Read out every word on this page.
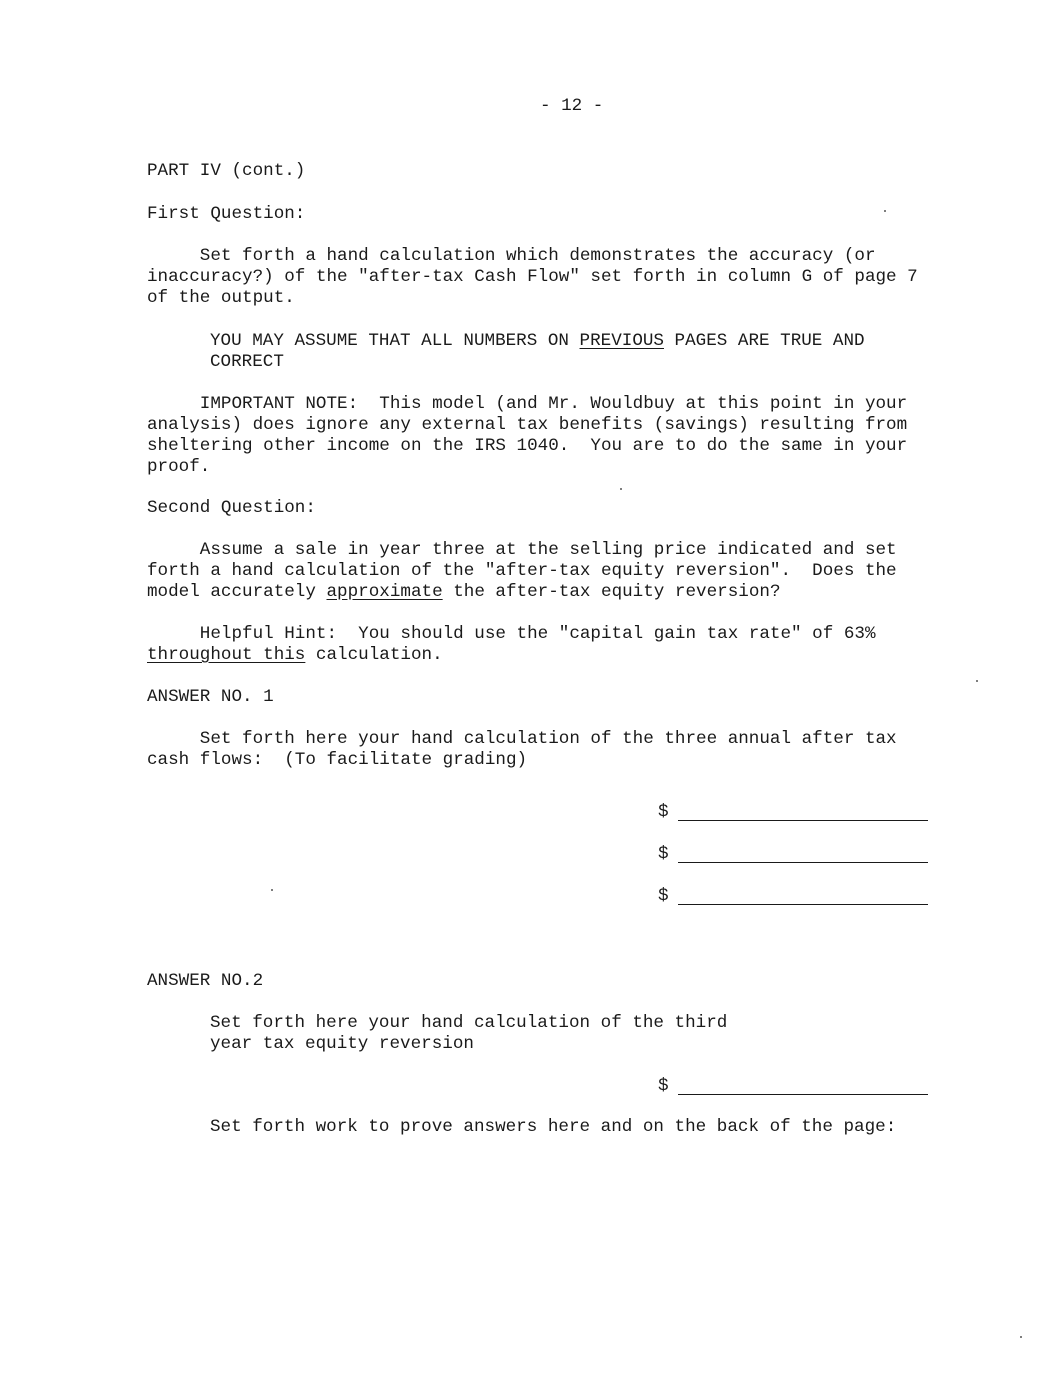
- 12 -
PART IV (cont.)
First Question:
Set forth a hand calculation which demonstrates the accuracy (or
inaccuracy?) of the "after-tax Cash Flow" set forth in column G of page 7
of the output.
YOU MAY ASSUME THAT ALL NUMBERS ON PREVIOUS PAGES ARE TRUE AND
CORRECT
IMPORTANT NOTE:  This model (and Mr. Wouldbuy at this point in your
analysis) does ignore any external tax benefits (savings) resulting from
sheltering other income on the IRS 1040.  You are to do the same in your
proof.
Second Question:
Assume a sale in year three at the selling price indicated and set
forth a hand calculation of the "after-tax equity reversion".  Does the
model accurately approximate the after-tax equity reversion?
Helpful Hint:  You should use the "capital gain tax rate" of 63%
throughout this calculation.
ANSWER NO. 1
Set forth here your hand calculation of the three annual after tax
cash flows:  (To facilitate grading)
$
$
$
ANSWER NO.2
Set forth here your hand calculation of the third
year tax equity reversion
$
Set forth work to prove answers here and on the back of the page:
